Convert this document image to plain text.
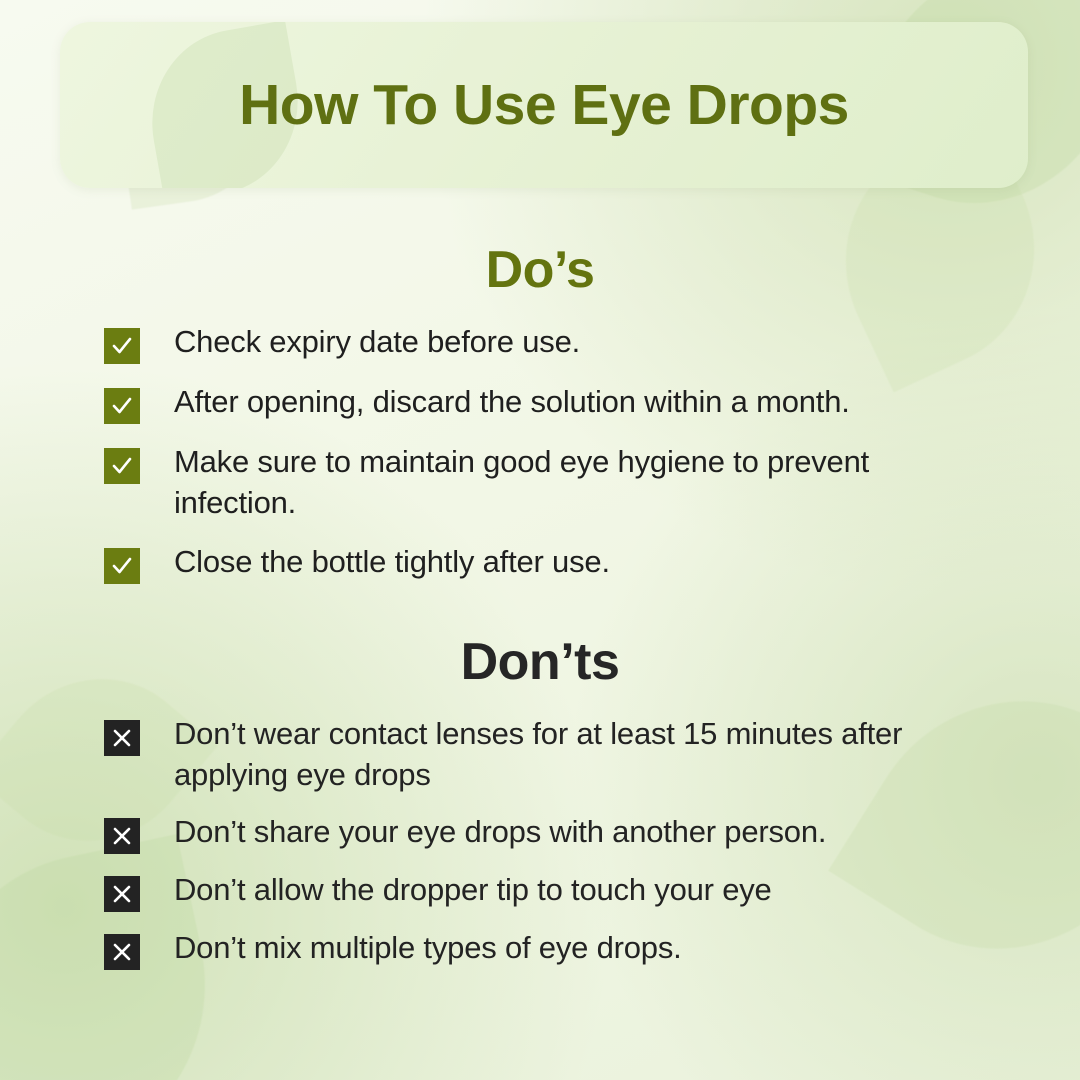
How To Use Eye Drops
Do’s
Check expiry date before use.
After opening, discard the solution within a month.
Make sure to maintain good eye hygiene to prevent infection.
Close the bottle tightly after use.
Don’ts
Don’t wear contact lenses for at least 15 minutes after applying eye drops
Don’t share your eye drops with another person.
Don’t allow the dropper tip to touch your eye
Don’t mix multiple types of eye drops.
